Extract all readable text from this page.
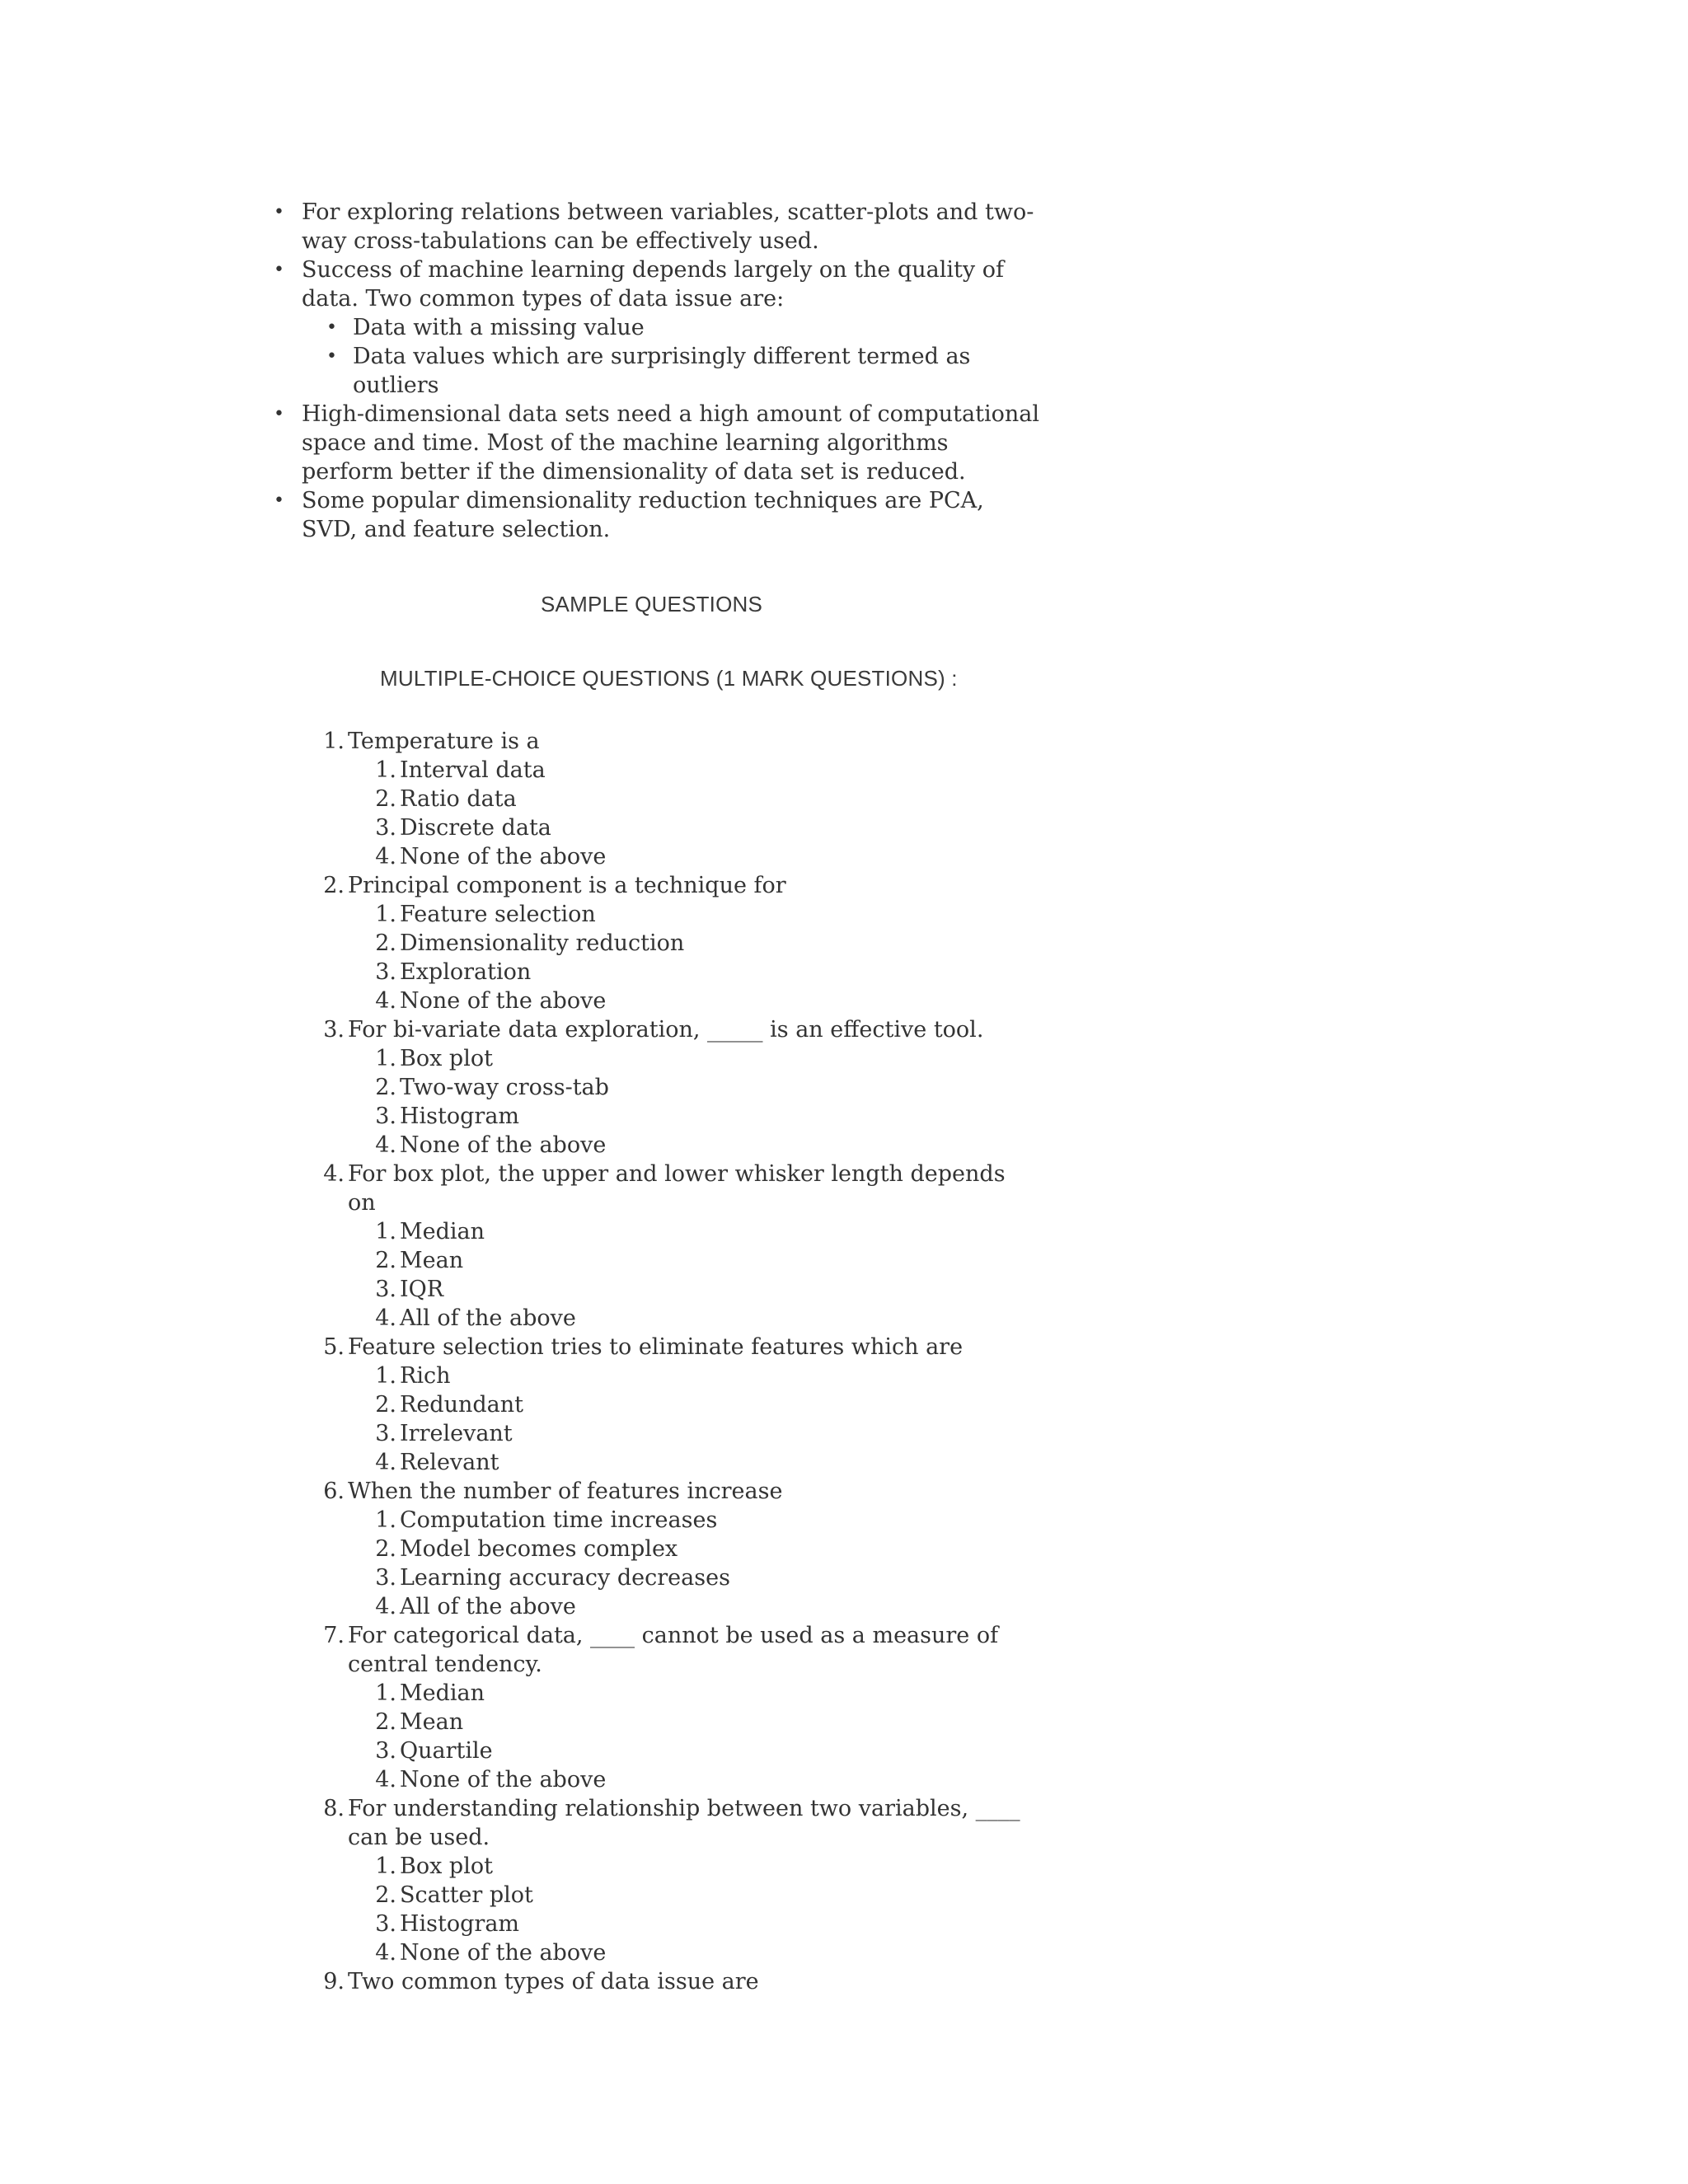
• For exploring relations between variables, scatter-plots and two-way cross-tabulations can be effectively used.
• Success of machine learning depends largely on the quality of data. Two common types of data issue are:
• Data with a missing value
• Data values which are surprisingly different termed as outliers
• High-dimensional data sets need a high amount of computational space and time. Most of the machine learning algorithms perform better if the dimensionality of data set is reduced.
• Some popular dimensionality reduction techniques are PCA, SVD, and feature selection.
SAMPLE QUESTIONS
MULTIPLE-CHOICE QUESTIONS (1 MARK QUESTIONS) :
1. Temperature is a
1. Interval data
2. Ratio data
3. Discrete data
4. None of the above
2. Principal component is a technique for
1. Feature selection
2. Dimensionality reduction
3. Exploration
4. None of the above
3. For bi-variate data exploration, _____ is an effective tool.
1. Box plot
2. Two-way cross-tab
3. Histogram
4. None of the above
4. For box plot, the upper and lower whisker length depends on
1. Median
2. Mean
3. IQR
4. All of the above
5. Feature selection tries to eliminate features which are
1. Rich
2. Redundant
3. Irrelevant
4. Relevant
6. When the number of features increase
1. Computation time increases
2. Model becomes complex
3. Learning accuracy decreases
4. All of the above
7. For categorical data, ____ cannot be used as a measure of central tendency.
1. Median
2. Mean
3. Quartile
4. None of the above
8. For understanding relationship between two variables, ____ can be used.
1. Box plot
2. Scatter plot
3. Histogram
4. None of the above
9. Two common types of data issue are
